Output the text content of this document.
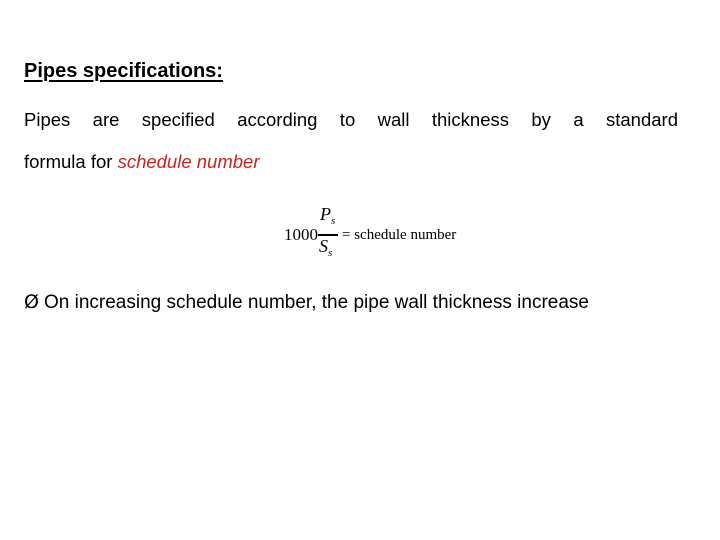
Pipes specifications:
Pipes are specified according to wall thickness by a standard
formula for schedule number
1000
$P_s$
$S_s$
= schedule number
Ø On increasing schedule number, the pipe wall thickness increase
